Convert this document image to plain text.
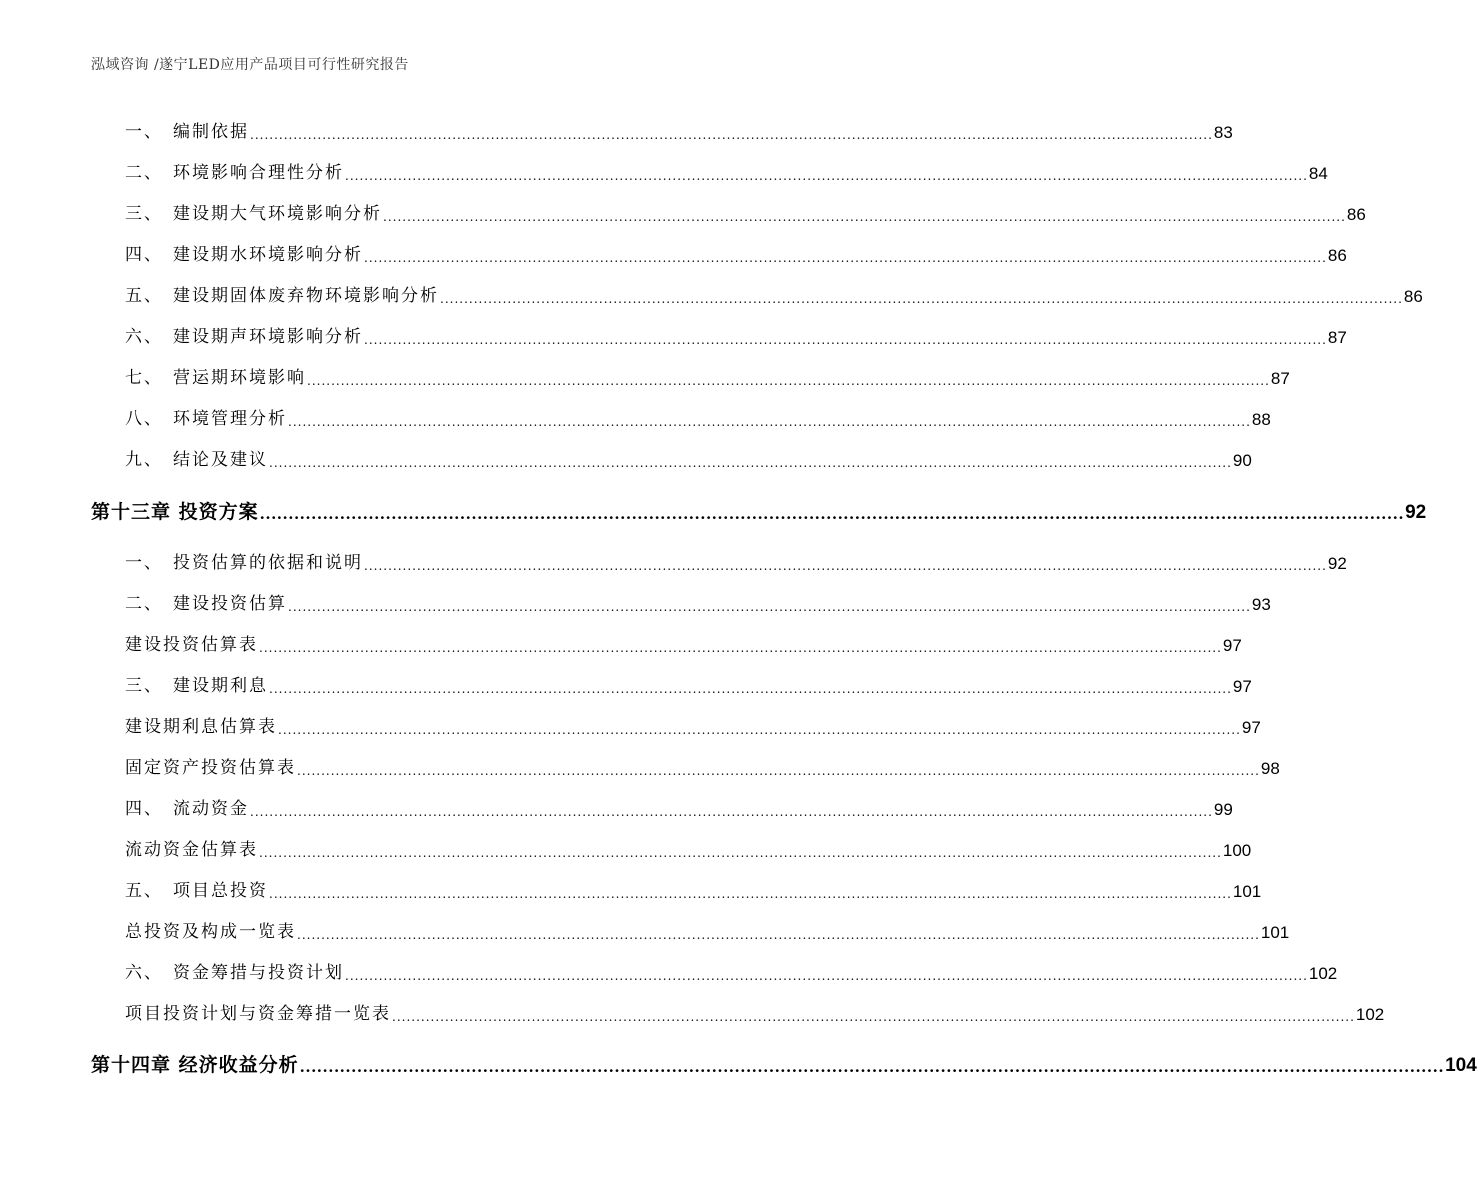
泓域咨询 /遂宁LED应用产品项目可行性研究报告
一、 编制依据 ........................................................................................................................................................................................................ 83
二、 环境影响合理性分析 ........................................................................................................................................................................................................ 84
三、 建设期大气环境影响分析 ........................................................................................................................................................................................................ 86
四、 建设期水环境影响分析 ........................................................................................................................................................................................................ 86
五、 建设期固体废弃物环境影响分析 ........................................................................................................................................................................................................ 86
六、 建设期声环境影响分析 ........................................................................................................................................................................................................ 87
七、 营运期环境影响 ........................................................................................................................................................................................................ 87
八、 环境管理分析 ........................................................................................................................................................................................................ 88
九、 结论及建议 ........................................................................................................................................................................................................ 90
第十三章 投资方案 ........................................................................................................................................................................................................ 92
一、 投资估算的依据和说明 ........................................................................................................................................................................................................ 92
二、 建设投资估算 ........................................................................................................................................................................................................ 93
建设投资估算表 ........................................................................................................................................................................................................ 97
三、 建设期利息 ........................................................................................................................................................................................................ 97
建设期利息估算表 ........................................................................................................................................................................................................ 97
固定资产投资估算表 ........................................................................................................................................................................................................ 98
四、 流动资金 ........................................................................................................................................................................................................ 99
流动资金估算表 ........................................................................................................................................................................................................ 100
五、 项目总投资 ........................................................................................................................................................................................................ 101
总投资及构成一览表 ........................................................................................................................................................................................................ 101
六、 资金筹措与投资计划 ........................................................................................................................................................................................................ 102
项目投资计划与资金筹措一览表 ........................................................................................................................................................................................................ 102
第十四章 经济收益分析 ........................................................................................................................................................................................................ 104
